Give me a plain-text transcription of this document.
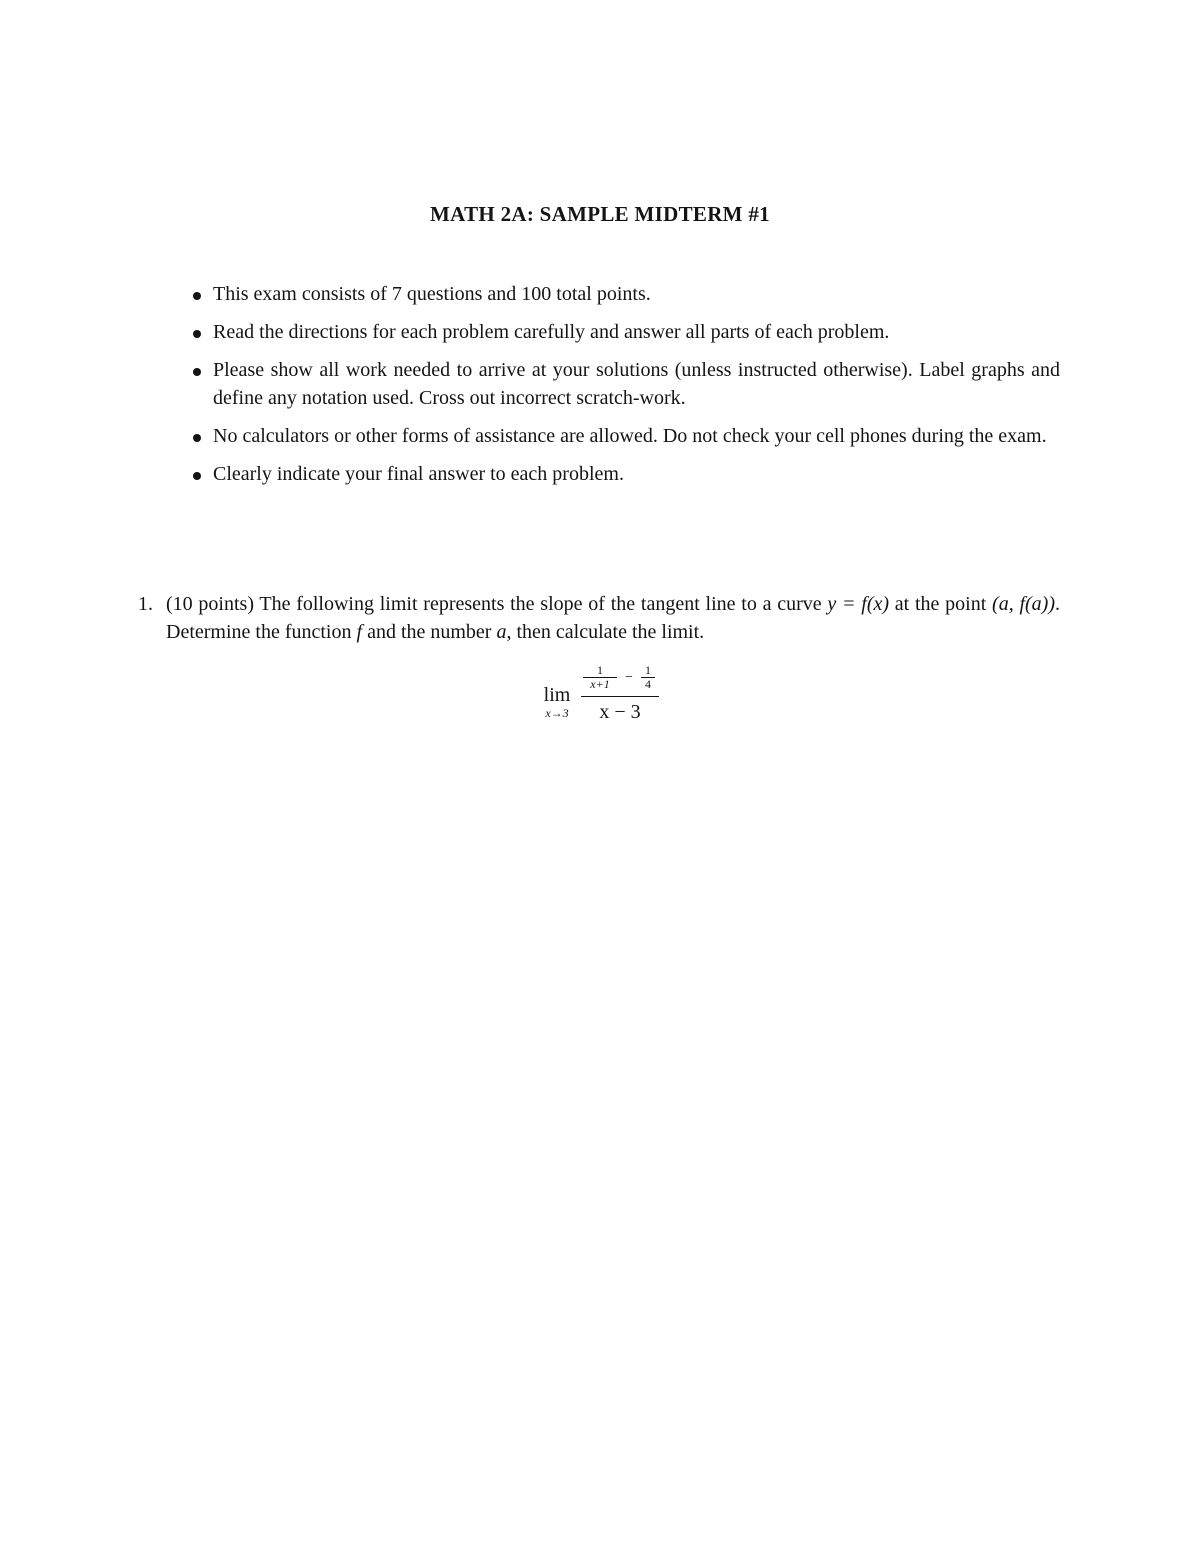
MATH 2A: SAMPLE MIDTERM #1
This exam consists of 7 questions and 100 total points.
Read the directions for each problem carefully and answer all parts of each problem.
Please show all work needed to arrive at your solutions (unless instructed otherwise). Label graphs and define any notation used. Cross out incorrect scratch-work.
No calculators or other forms of assistance are allowed. Do not check your cell phones during the exam.
Clearly indicate your final answer to each problem.
1. (10 points) The following limit represents the slope of the tangent line to a curve y = f(x) at the point (a, f(a)). Determine the function f and the number a, then calculate the limit.
lim
x→3
$\frac{1}{x+1} - \frac{1}{4}$
x − 3
